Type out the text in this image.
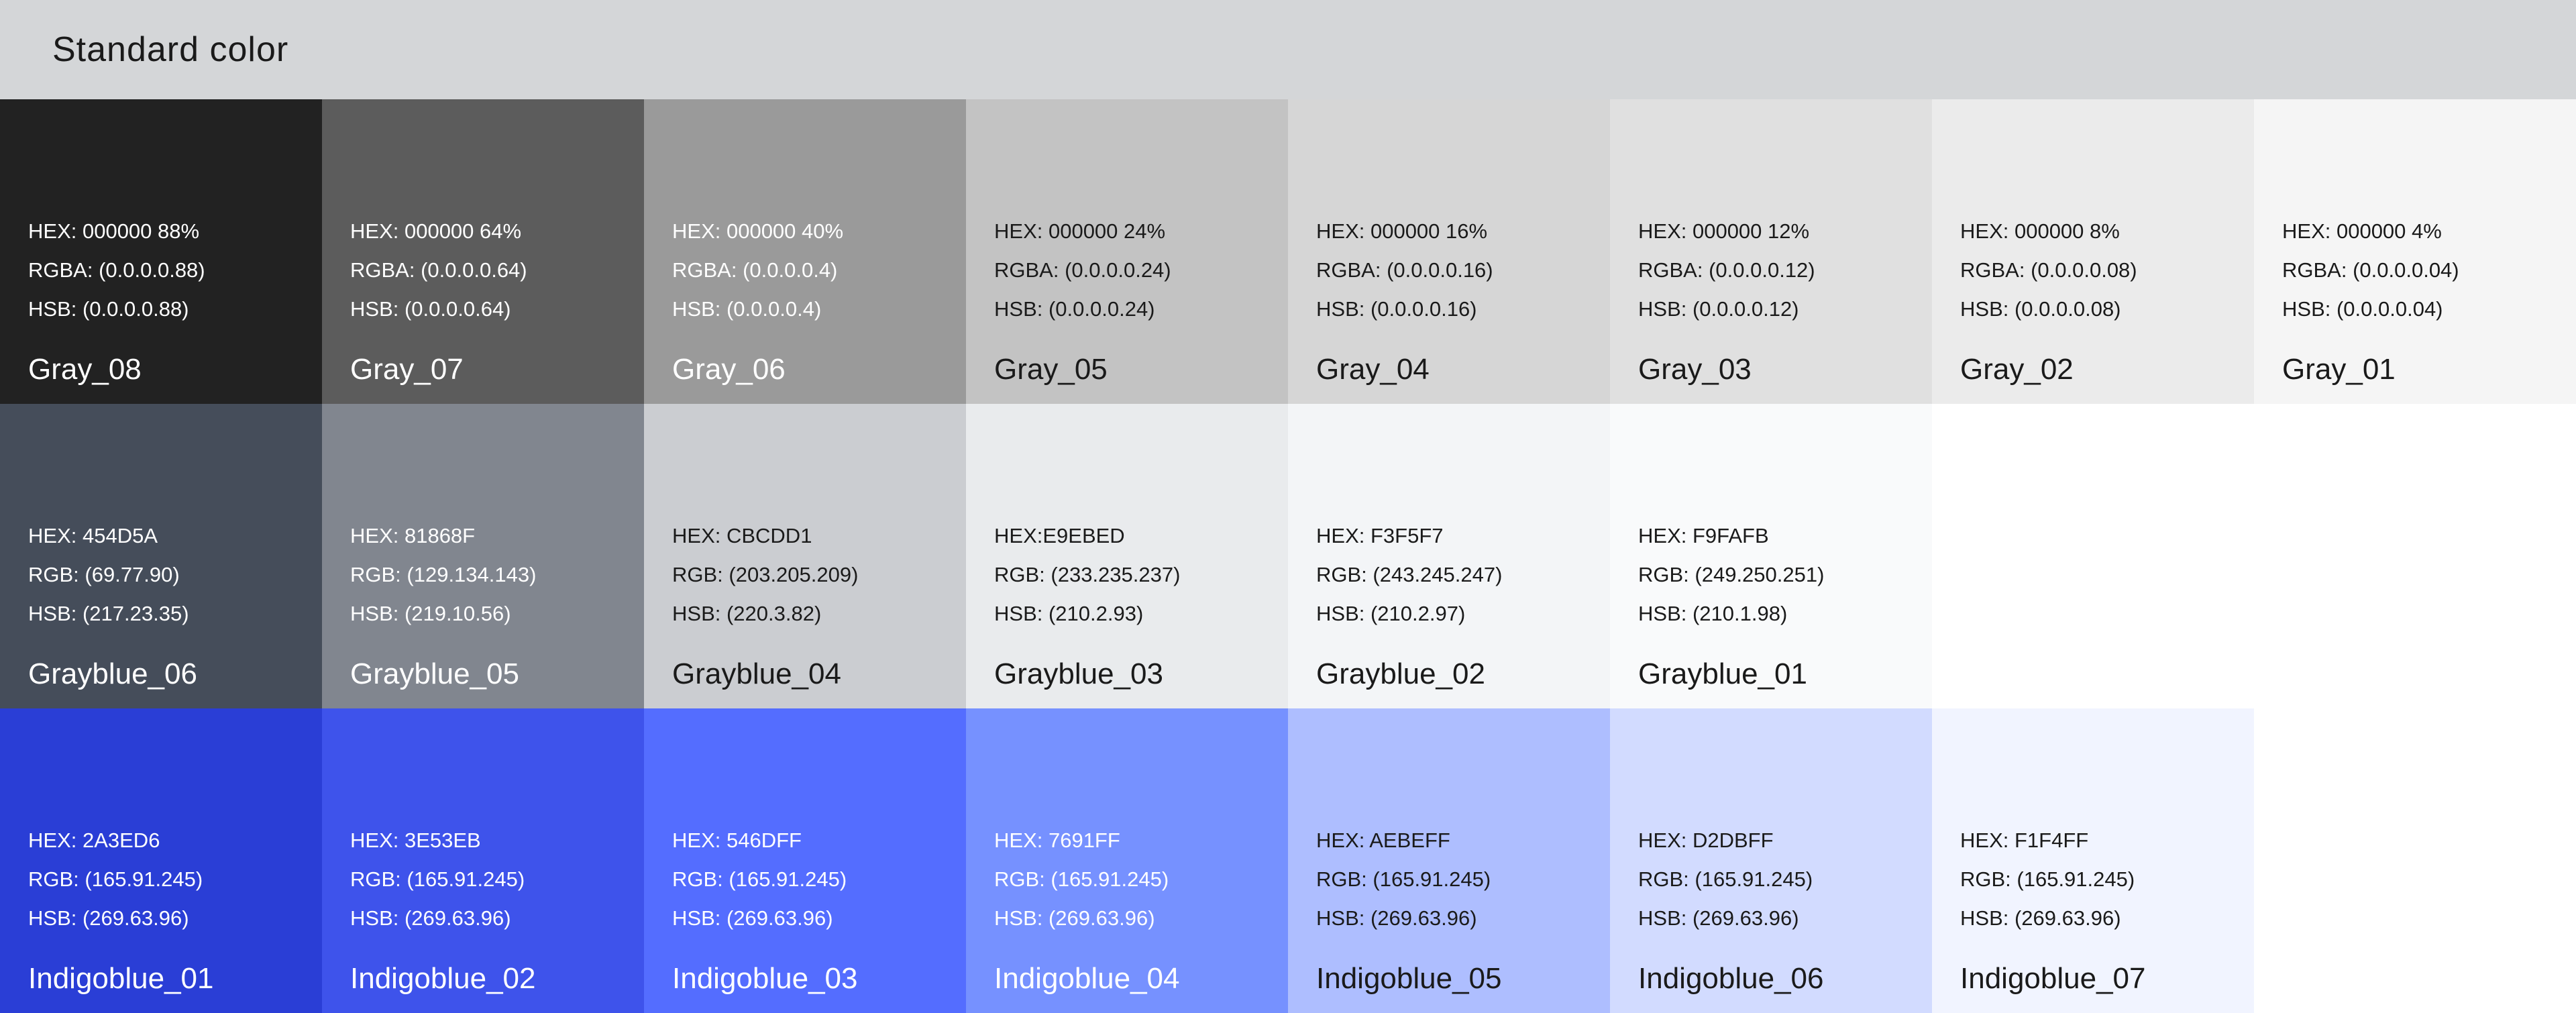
Standard color
HEX: 000000 88%
RGBA: (0.0.0.0.88)
HSB: (0.0.0.0.88)
Gray_08
HEX: 000000 64%
RGBA: (0.0.0.0.64)
HSB: (0.0.0.0.64)
Gray_07
HEX: 000000 40%
RGBA: (0.0.0.0.4)
HSB: (0.0.0.0.4)
Gray_06
HEX: 000000 24%
RGBA: (0.0.0.0.24)
HSB: (0.0.0.0.24)
Gray_05
HEX: 000000 16%
RGBA: (0.0.0.0.16)
HSB: (0.0.0.0.16)
Gray_04
HEX: 000000 12%
RGBA: (0.0.0.0.12)
HSB: (0.0.0.0.12)
Gray_03
HEX: 000000 8%
RGBA: (0.0.0.0.08)
HSB: (0.0.0.0.08)
Gray_02
HEX: 000000 4%
RGBA: (0.0.0.0.04)
HSB: (0.0.0.0.04)
Gray_01
HEX: 454D5A
RGB: (69.77.90)
HSB: (217.23.35)
Grayblue_06
HEX: 81868F
RGB: (129.134.143)
HSB: (219.10.56)
Grayblue_05
HEX: CBCDD1
RGB: (203.205.209)
HSB: (220.3.82)
Grayblue_04
HEX:E9EBED
RGB: (233.235.237)
HSB: (210.2.93)
Grayblue_03
HEX: F3F5F7
RGB: (243.245.247)
HSB: (210.2.97)
Grayblue_02
HEX: F9FAFB
RGB: (249.250.251)
HSB: (210.1.98)
Grayblue_01
HEX: 2A3ED6
RGB: (165.91.245)
HSB: (269.63.96)
Indigoblue_01
HEX: 3E53EB
RGB: (165.91.245)
HSB: (269.63.96)
Indigoblue_02
HEX: 546DFF
RGB: (165.91.245)
HSB: (269.63.96)
Indigoblue_03
HEX: 7691FF
RGB: (165.91.245)
HSB: (269.63.96)
Indigoblue_04
HEX: AEBEFF
RGB: (165.91.245)
HSB: (269.63.96)
Indigoblue_05
HEX: D2DBFF
RGB: (165.91.245)
HSB: (269.63.96)
Indigoblue_06
HEX: F1F4FF
RGB: (165.91.245)
HSB: (269.63.96)
Indigoblue_07
